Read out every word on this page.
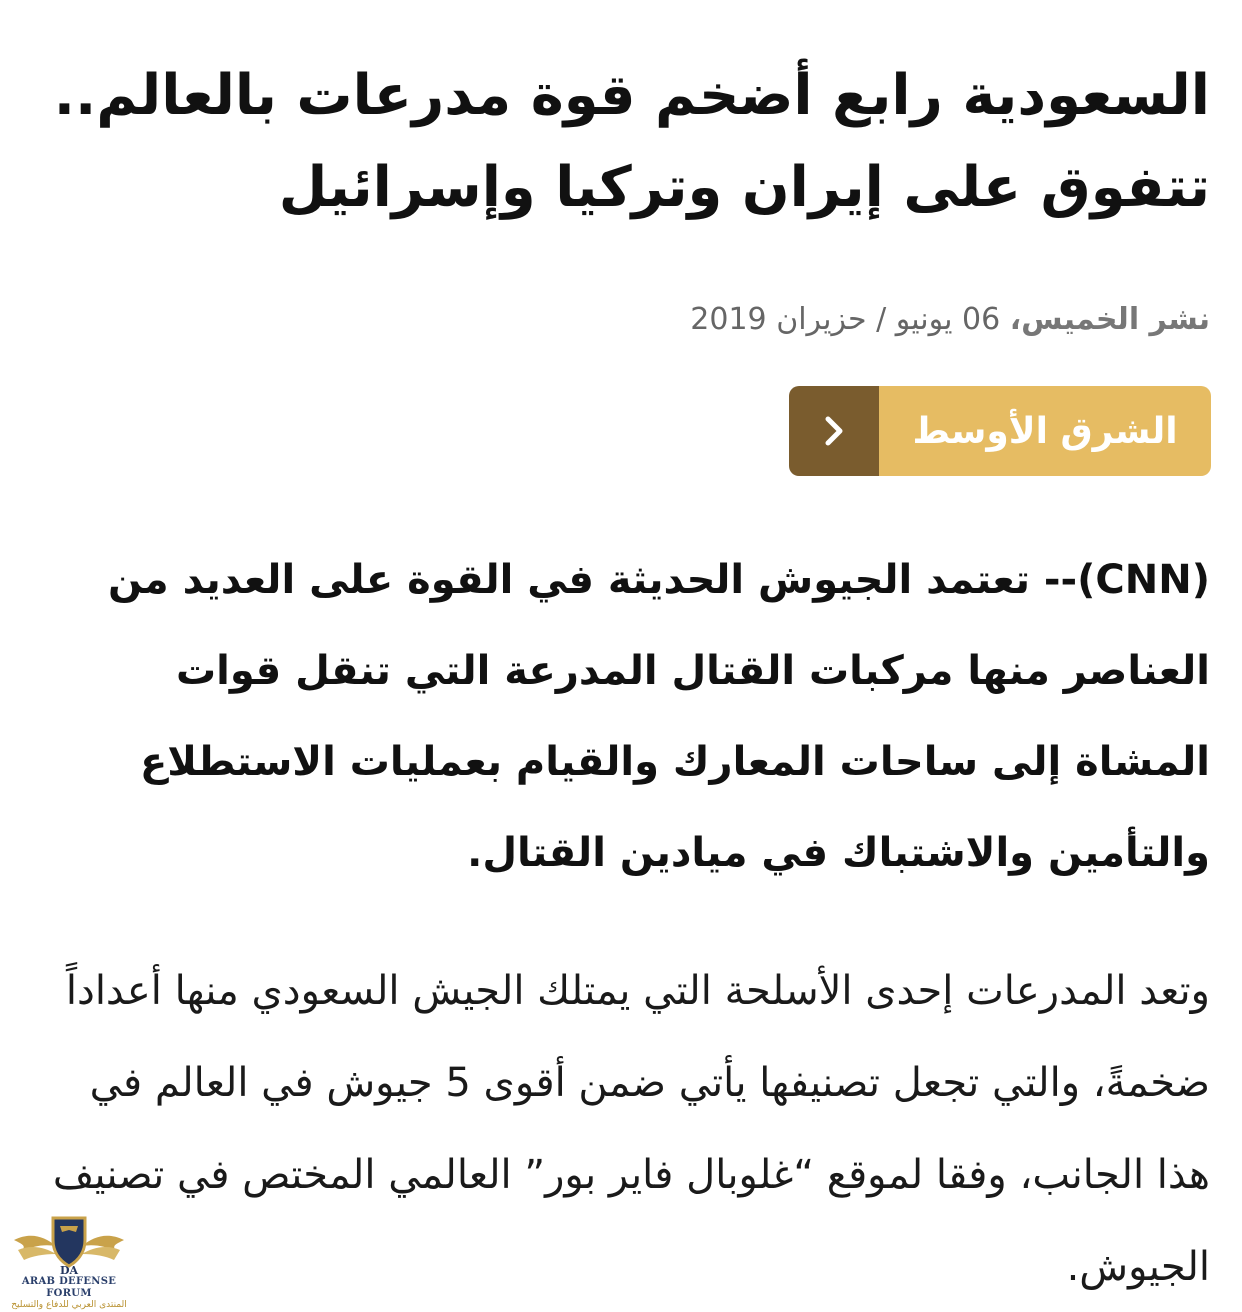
السعودية رابع أضخم قوة مدرعات بالعالم.. تتفوق على إيران وتركيا وإسرائيل
نشر الخميس، 06 يونيو / حزيران 2019
الشرق الأوسط

(CNN)-- تعتمد الجيوش الحديثة في القوة على العديد من العناصر منها مركبات القتال المدرعة التي تنقل قوات المشاة إلى ساحات المعارك والقيام بعمليات الاستطلاع والتأمين والاشتباك في ميادين القتال.

وتعد المدرعات إحدى الأسلحة التي يمتلك الجيش السعودي منها أعداداً ضخمةً، والتي تجعل تصنيفها يأتي ضمن أقوى 5 جيوش في العالم في هذا الجانب، وفقا لموقع “غلوبال فاير بور” العالمي المختص في تصنيف الجيوش.

DA
ARAB DEFENSE FORUM
المنتدى العربي للدفاع والتسليح
